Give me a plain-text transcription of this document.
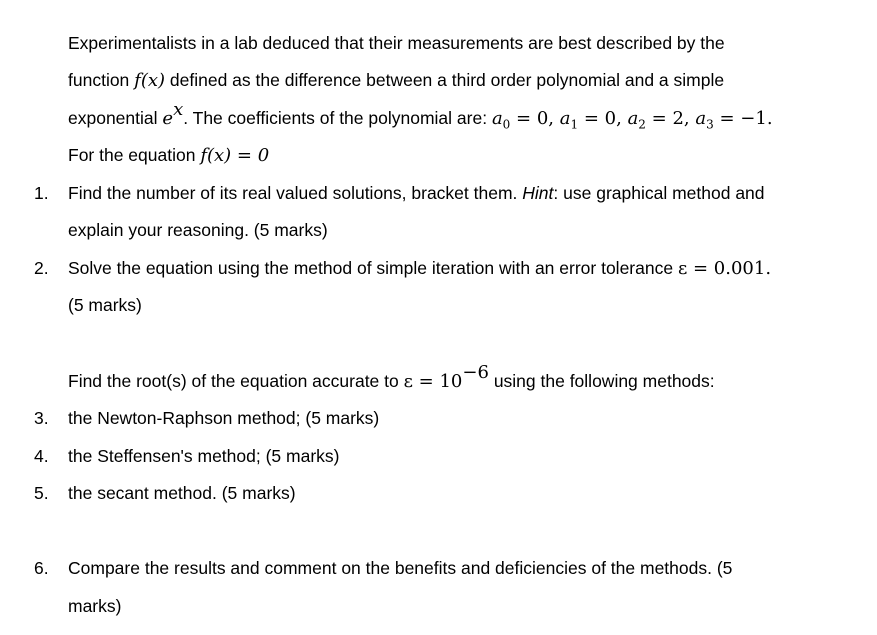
Experimentalists in a lab deduced that their measurements are best described by the
function f(x) defined as the difference between a third order polynomial and a simple
exponential $e^x$. The coefficients of the polynomial are: $a_0 = 0$, $a_1 = 0$, $a_2 = 2$, $a_3 = -1$.
For the equation f(x) = 0
1. Find the number of its real valued solutions, bracket them. Hint: use graphical method and
explain your reasoning. (5 marks)
2. Solve the equation using the method of simple iteration with an error tolerance ε = 0.001.
(5 marks)
Find the root(s) of the equation accurate to $\varepsilon = 10^{-6}$ using the following methods:
3. the Newton-Raphson method; (5 marks)
4. the Steffensen's method; (5 marks)
5. the secant method. (5 marks)
6. Compare the results and comment on the benefits and deficiencies of the methods. (5
marks)
